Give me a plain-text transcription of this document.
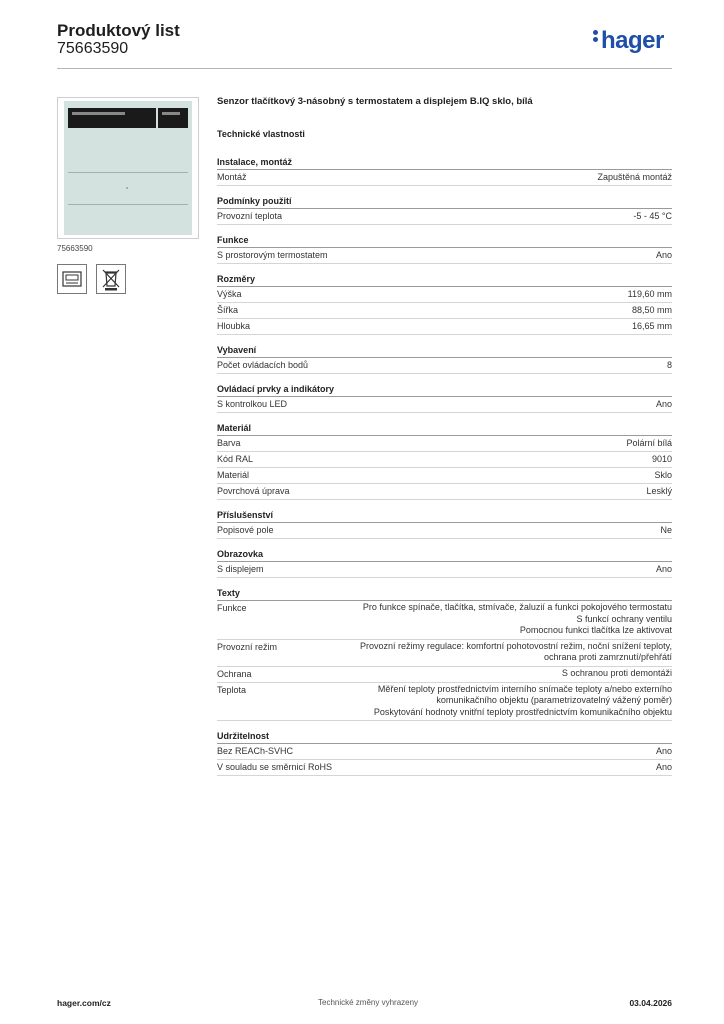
Produktový list
75663590	hager
75663590
Senzor tlačítkový 3-násobný s termostatem a displejem B.IQ sklo, bílá
Technické vlastnosti
Instalace, montáž
Montáž	Zapuštěná montáž
Podmínky použití
Provozní teplota	-5 - 45 °C
Funkce
S prostorovým termostatem	Ano
Rozměry
Výška	119,60 mm
Šířka	88,50 mm
Hloubka	16,65 mm
Vybavení
Počet ovládacích bodů	8
Ovládací prvky a indikátory
S kontrolkou LED	Ano
Materiál
Barva	Polární bílá
Kód RAL	9010
Materiál	Sklo
Povrchová úprava	Lesklý
Příslušenství
Popisové pole	Ne
Obrazovka
S displejem	Ano
Texty
Funkce	Pro funkce spínače, tlačítka, stmívače, žaluzií a funkci pokojového termostatu
S funkcí ochrany ventilu
Pomocnou funkci tlačítka lze aktivovat
Provozní režim	Provozní režimy regulace: komfortní pohotovostní režim, noční snížení teploty,
ochrana proti zamrznutí/přehřátí
Ochrana	S ochranou proti demontáži
Teplota	Měření teploty prostřednictvím interního snímače teploty a/nebo externího
komunikačního objektu (parametrizovatelný vážený poměr)
Poskytování hodnoty vnitřní teploty prostřednictvím komunikačního objektu
Udržitelnost
Bez REACh-SVHC	Ano
V souladu se směrnicí RoHS	Ano
hager.com/cz	Technické změny vyhrazeny	03.04.2026
